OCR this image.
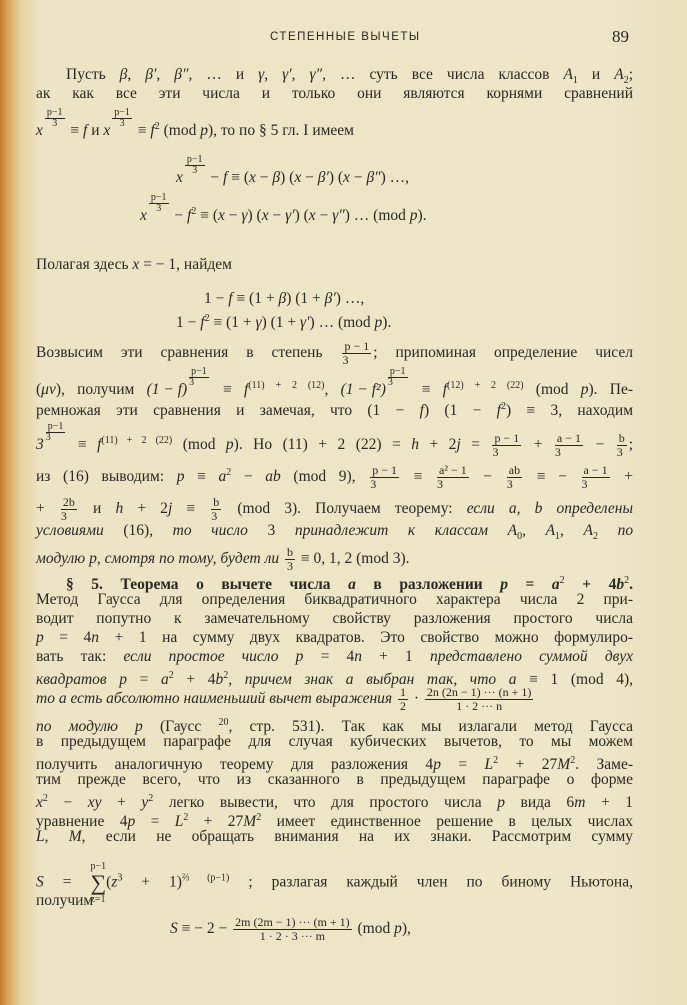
СТЕПЕННЫЕ ВЫЧЕТЫ	89
Пусть β, β′, β″, … и γ, γ′, γ″, … суть все числа классов $A_1$ и $A_2$;
ак как все эти числа и только они являются корнями сравнений
x
$\frac{p-1}{3}$
≡ f и x
$\frac{p-1}{3}$
≡ $f^2$ (mod p), то по § 5 гл. I имеем
x
$\frac{p-1}{3}$
− f ≡ (x − β) (x − β′) (x − β″) …,
x
$\frac{p-1}{3}$
− $f^2 \equiv (x - \gamma) (x - \gamma') (x - \gamma'')$ … (mod p).
Полагая здесь x = − 1, найдем
1 − f ≡ (1 + β) (1 + β′) …,
$1 - f^2 \equiv (1 + \gamma) (1 + \gamma')$ … (mod p).
Возвысим эти сравнения в степень $\frac{p - 1}{3}$ ; припоминая определение чисел
(μν), получим (1 − f)
$\frac{p-1}{3}$
≡ $f^{(11) + 2 (12)}$, (1 − f²)
$\frac{p-1}{3}$
≡ $f^{(12) + 2 (22)}$ (mod p). Пе-
ремножая эти сравнения и замечая, что (1 − f) $(1 - f^2) \equiv 3$, находим
3
$\frac{p-1}{3}$
≡ $f^{(11) + 2 (22)}$ (mod p). Но (11) + 2 $(22) = h + 2j = \frac{p - 1}{3} + \frac{a - 1}{3} - \frac{b}{3}$ ;
из (16) выводим: $p \equiv a^2$ − ab (mod 9), $\frac{p - 1}{3} \equiv \frac{\text{a² − 1}}{3} - \frac{ab}{3}$ ≡ − $\frac{a - 1}{3}$ +
+ $\frac{2b}{3}$ и $h + 2j \equiv \frac{b}{3} (mod$ 3). Получаем теорему: если a, b определены
условиями (16), то число 3 принадлежит к классам $A_0$, $A_1$, $A_2$ по
модулю p, смотря по тому, будет ли $\frac{b}{3} \equiv 0$, 1, 2 (mod 3).
§ 5. Теорема о вычете числа a в разложении $p = a^2 + 4b^2$.
Метод Гаусса для определения биквадратичного характера числа 2 при-
водит попутно к замечательному свойству разложения простого числа
p = 4n + 1 на сумму двух квадратов. Это свойство можно формулиро-
вать так: если простое число p = 4n + 1 представлено суммой двух
квадратов $p = a^2 + 4b^2$, причем знак a выбран так, что a ≡ 1 (mod 4),
то a есть абсолютно наименьший вычет выражения $\frac{1}{2} \cdot \frac{2n (2n - 1) \cdot\cdot\cdot (n + 1)}{1 \cdot 2 \cdot\cdot\cdot n}$
по модулю p (Гаусс $^{20}$, стр. 531). Так как мы излагали метод Гаусса
в предыдущем параграфе для случая кубических вычетов, то мы можем
получить аналогичную теорему для разложения $4p = L^2 + 27M^2$. Заме-
тим прежде всего, что из сказанного в предыдущем параграфе о форме
$x^2$ − xy + $y^2$ легко вывести, что для простого числа p вида 6m + 1
уравнение $4p = L^2 + 27M^2$ имеет единственное решение в целых числах
L, M, если не обращать внимания на их знаки. Рассмотрим сумму
S =
p−1
∑
z=1
$(z^3 + 1)^{\frac{2}{3} (p-1)}$ ; разлагая каждый член по биному Ньютона,
получим
S ≡ − $2 - \frac{2m (2m - 1) \cdot\cdot\cdot (m + 1)}{1 \cdot 2 \cdot 3 \cdot\cdot\cdot m} (mod$ p),
